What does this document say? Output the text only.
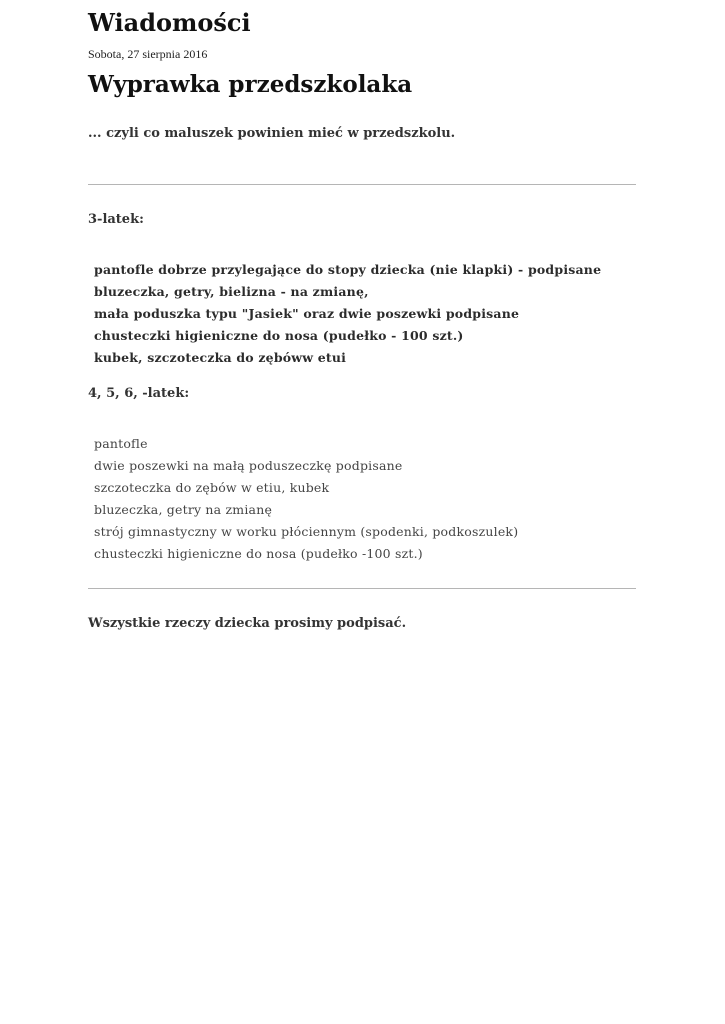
Wiadomości
Sobota, 27 sierpnia 2016
Wyprawka przedszkolaka
... czyli co maluszek powinien mieć w przedszkolu.
3-latek:
pantofle dobrze przylegające do stopy dziecka (nie klapki) - podpisane
bluzeczka, getry, bielizna - na zmianę,
mała poduszka typu "Jasiek" oraz dwie poszewki podpisane
chusteczki higieniczne do nosa (pudełko - 100 szt.)
kubek, szczoteczka do zębóww etui
4, 5, 6, -latek:
pantofle
dwie poszewki na małą poduszeczkę podpisane
szczoteczka do zębów w etiu, kubek
bluzeczka, getry na zmianę
strój gimnastyczny w worku płóciennym (spodenki, podkoszulek)
chusteczki higieniczne do nosa (pudełko -100 szt.)
Wszystkie rzeczy dziecka prosimy podpisać.
